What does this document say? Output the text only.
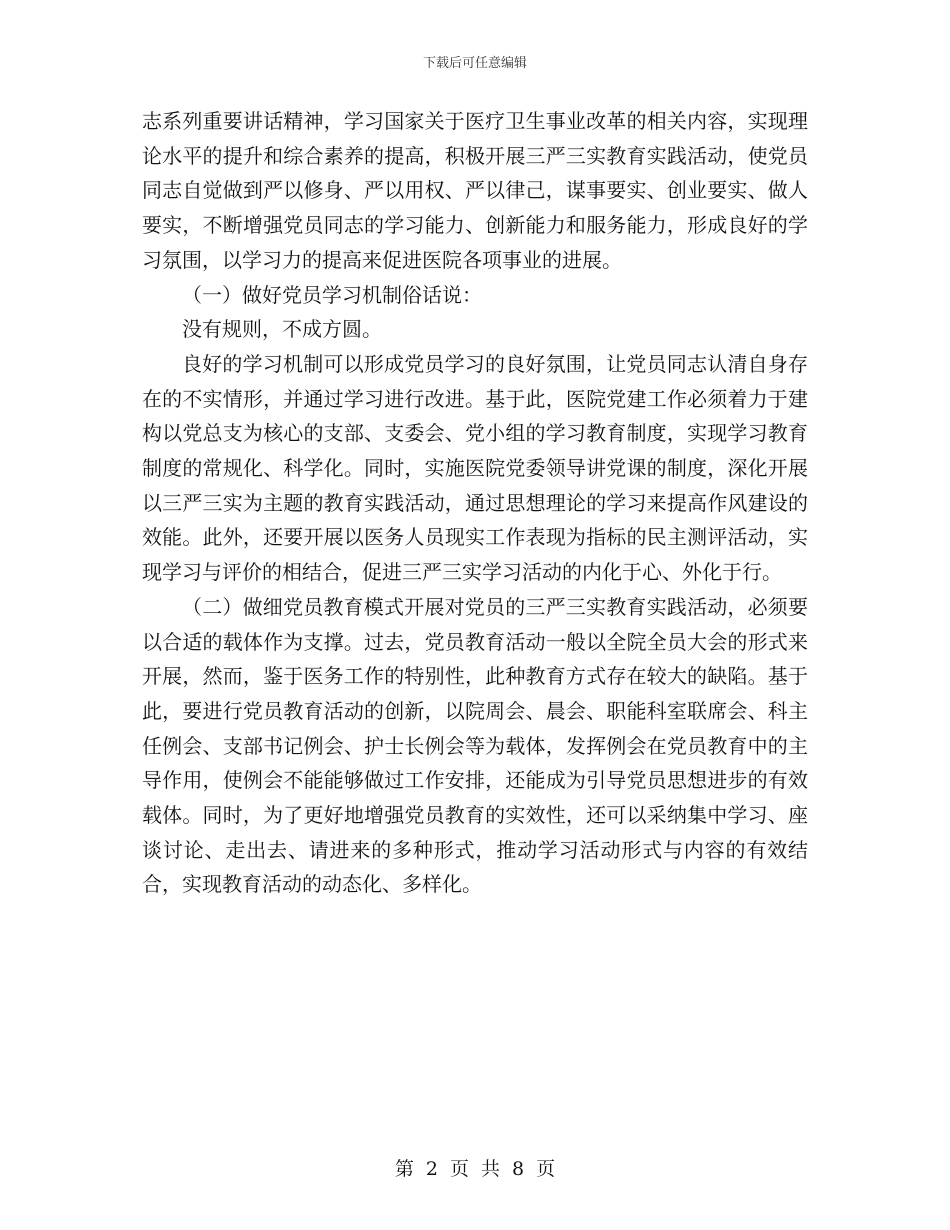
下载后可任意编辑

志系列重要讲话精神，学习国家关于医疗卫生事业改革的相关内容，实现理论水平的提升和综合素养的提高，积极开展三严三实教育实践活动，使党员同志自觉做到严以修身、严以用权、严以律己，谋事要实、创业要实、做人要实，不断增强党员同志的学习能力、创新能力和服务能力，形成良好的学习氛围，以学习力的提高来促进医院各项事业的进展。

（一）做好党员学习机制俗话说：

没有规则，不成方圆。

良好的学习机制可以形成党员学习的良好氛围，让党员同志认清自身存在的不实情形，并通过学习进行改进。基于此，医院党建工作必须着力于建构以党总支为核心的支部、支委会、党小组的学习教育制度，实现学习教育制度的常规化、科学化。同时，实施医院党委领导讲党课的制度，深化开展以三严三实为主题的教育实践活动，通过思想理论的学习来提高作风建设的效能。此外，还要开展以医务人员现实工作表现为指标的民主测评活动，实现学习与评价的相结合，促进三严三实学习活动的内化于心、外化于行。

（二）做细党员教育模式开展对党员的三严三实教育实践活动，必须要以合适的载体作为支撑。过去，党员教育活动一般以全院全员大会的形式来开展，然而，鉴于医务工作的特别性，此种教育方式存在较大的缺陷。基于此，要进行党员教育活动的创新，以院周会、晨会、职能科室联席会、科主任例会、支部书记例会、护士长例会等为载体，发挥例会在党员教育中的主导作用，使例会不能能够做过工作安排，还能成为引导党员思想进步的有效载体。同时，为了更好地增强党员教育的实效性，还可以采纳集中学习、座谈讨论、走出去、请进来的多种形式，推动学习活动形式与内容的有效结合，实现教育活动的动态化、多样化。

第 2 页 共 8 页
